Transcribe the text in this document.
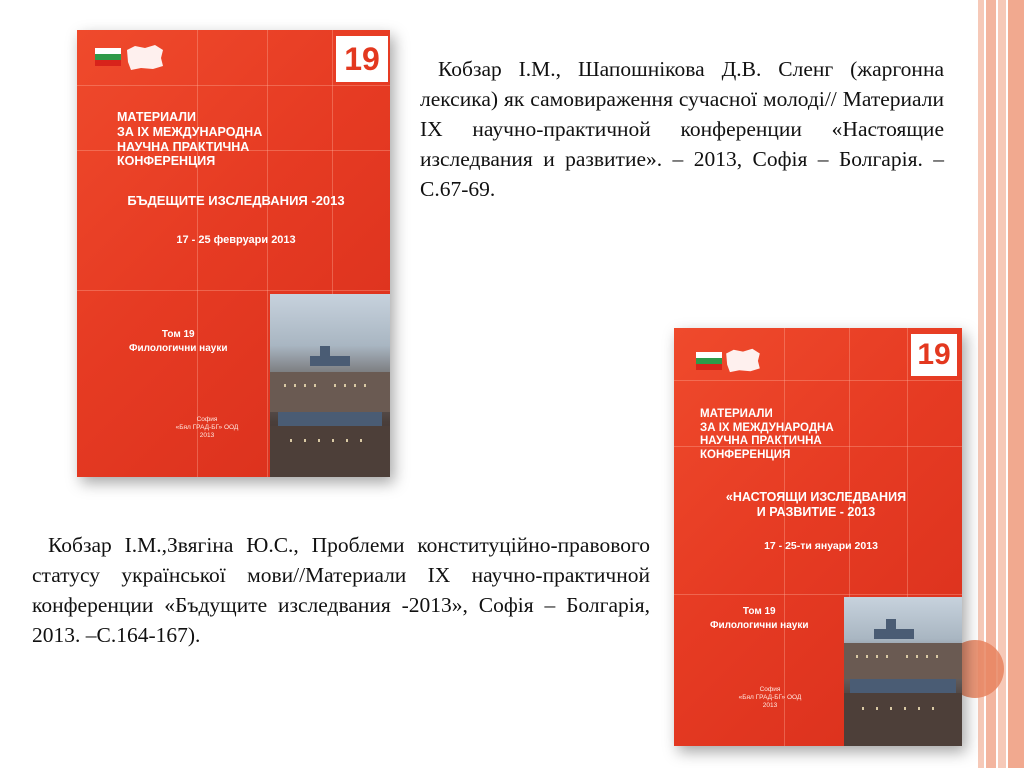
19
МАТЕРИАЛИ
ЗА IX МЕЖДУНАРОДНА
НАУЧНА ПРАКТИЧНА
КОНФЕРЕНЦИЯ
БЪДЕЩИТЕ ИЗСЛЕДВАНИЯ -2013
17 - 25 февруари 2013
Том 19
Филологични науки
София
«Бял ГРАД-БГ» ООД
2013

Кобзар І.М., Шапошнікова Д.В. Сленг (жаргонна лексика) як самовираження сучасної молоді// Материали ІХ научно-практичной конференции «Настоящие изследвания и развитие». – 2013, Софія – Болгарія. – С.67-69.

19
МАТЕРИАЛИ
ЗА IX МЕЖДУНАРОДНА
НАУЧНА ПРАКТИЧНА
КОНФЕРЕНЦИЯ
«НАСТОЯЩИ ИЗСЛЕДВАНИЯ
И РАЗВИТИЕ - 2013
17 - 25-ти януари 2013
Том 19
Филологични науки
София
«Бял ГРАД-БГ» ООД
2013

Кобзар І.М.,Звягіна Ю.С., Проблеми конституційно-правового статусу української мови//Материали ІХ научно-практичной конференции «Бъдущите изследвания -2013», Софія – Болгарія, 2013. –С.164-167).
